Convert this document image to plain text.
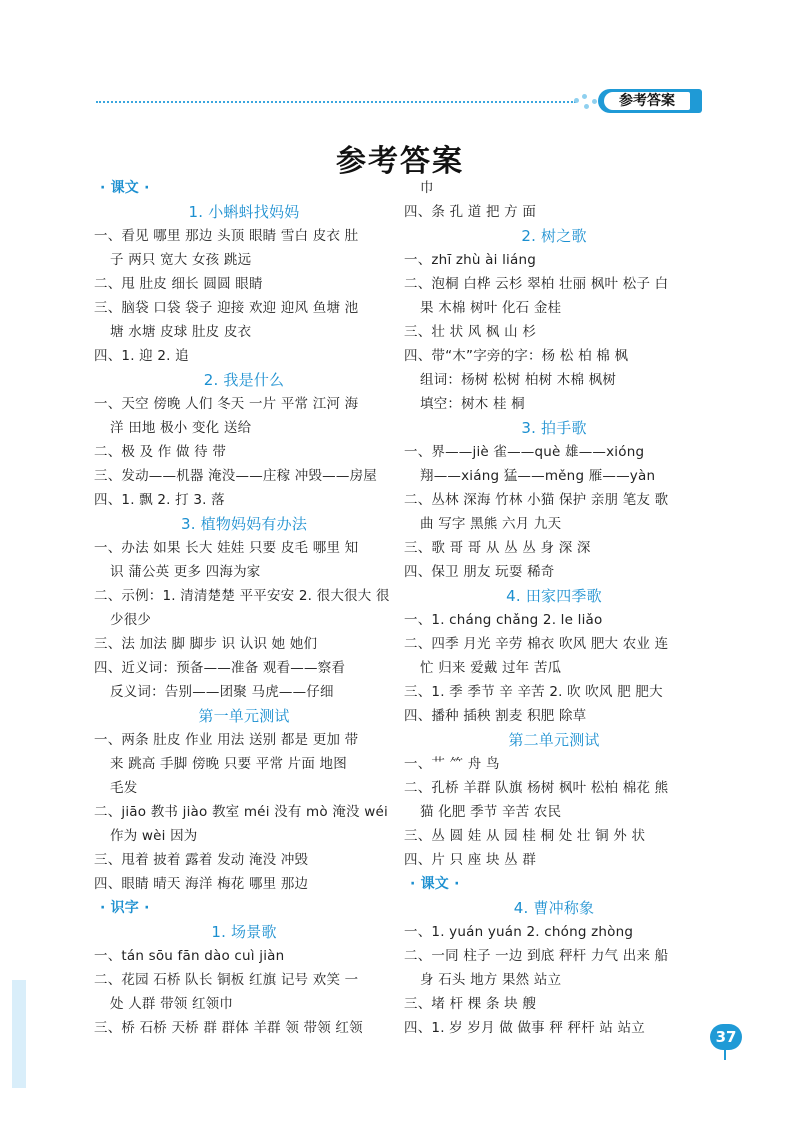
参考答案
参考答案
· 课文 ·
1. 小蝌蚪找妈妈
一、看见 哪里 那边 头顶 眼睛 雪白 皮衣 肚
子 两只 宽大 女孩 跳远
二、甩 肚皮 细长 圆圆 眼睛
三、脑袋 口袋 袋子 迎接 欢迎 迎风 鱼塘 池
塘 水塘 皮球 肚皮 皮衣
四、1. 迎 2. 追
2. 我是什么
一、天空 傍晚 人们 冬天 一片 平常 江河 海
洋 田地 极小 变化 送给
二、极 及 作 做 待 带
三、发动——机器 淹没——庄稼 冲毁——房屋
四、1. 飘 2. 打 3. 落
3. 植物妈妈有办法
一、办法 如果 长大 娃娃 只要 皮毛 哪里 知
识 蒲公英 更多 四海为家
二、示例：1. 清清楚楚 平平安安 2. 很大很大 很
少很少
三、法 加法 脚 脚步 识 认识 她 她们
四、近义词：预备——准备 观看——察看
反义词：告别——团聚 马虎——仔细
第一单元测试
一、两条 肚皮 作业 用法 送别 都是 更加 带
来 跳高 手脚 傍晚 只要 平常 片面 地图
毛发
二、jiāo 教书 jiào 教室 méi 没有 mò 淹没 wéi
作为 wèi 因为
三、甩着 披着 露着 发动 淹没 冲毁
四、眼睛 晴天 海洋 梅花 哪里 那边
· 识字 ·
1. 场景歌
一、tán sōu fān dào cuì jiàn
二、花园 石桥 队长 铜板 红旗 记号 欢笑 一
处 人群 带领 红领巾
三、桥 石桥 天桥 群 群体 羊群 领 带领 红领
巾
四、条 孔 道 把 方 面
2. 树之歌
一、zhī zhù ài liáng
二、泡桐 白桦 云杉 翠柏 壮丽 枫叶 松子 白
果 木棉 树叶 化石 金桂
三、壮 状 风 枫 山 杉
四、带“木”字旁的字：杨 松 柏 棉 枫
组词：杨树 松树 柏树 木棉 枫树
填空：树木 桂 桐
3. 拍手歌
一、界——jiè 雀——què 雄——xióng
翔——xiáng 猛——měng 雁——yàn
二、丛林 深海 竹林 小猫 保护 亲朋 笔友 歌
曲 写字 黑熊 六月 九天
三、歌 哥 哥 从 丛 丛 身 深 深
四、保卫 朋友 玩耍 稀奇
4. 田家四季歌
一、1. cháng chǎng 2. le liǎo
二、四季 月光 辛劳 棉衣 吹风 肥大 农业 连
忙 归来 爱戴 过年 苦瓜
三、1. 季 季节 辛 辛苦 2. 吹 吹风 肥 肥大
四、播种 插秧 割麦 积肥 除草
第二单元测试
一、艹 ⺮ 舟 鸟
二、孔桥 羊群 队旗 杨树 枫叶 松柏 棉花 熊
猫 化肥 季节 辛苦 农民
三、丛 圆 娃 从 园 桂 桐 处 壮 铜 外 状
四、片 只 座 块 丛 群
· 课文 ·
4. 曹冲称象
一、1. yuán yuán 2. chóng zhòng
二、一同 柱子 一边 到底 秤杆 力气 出来 船
身 石头 地方 果然 站立
三、堵 杆 棵 条 块 艘
四、1. 岁 岁月 做 做事 秤 秤杆 站 站立	37
